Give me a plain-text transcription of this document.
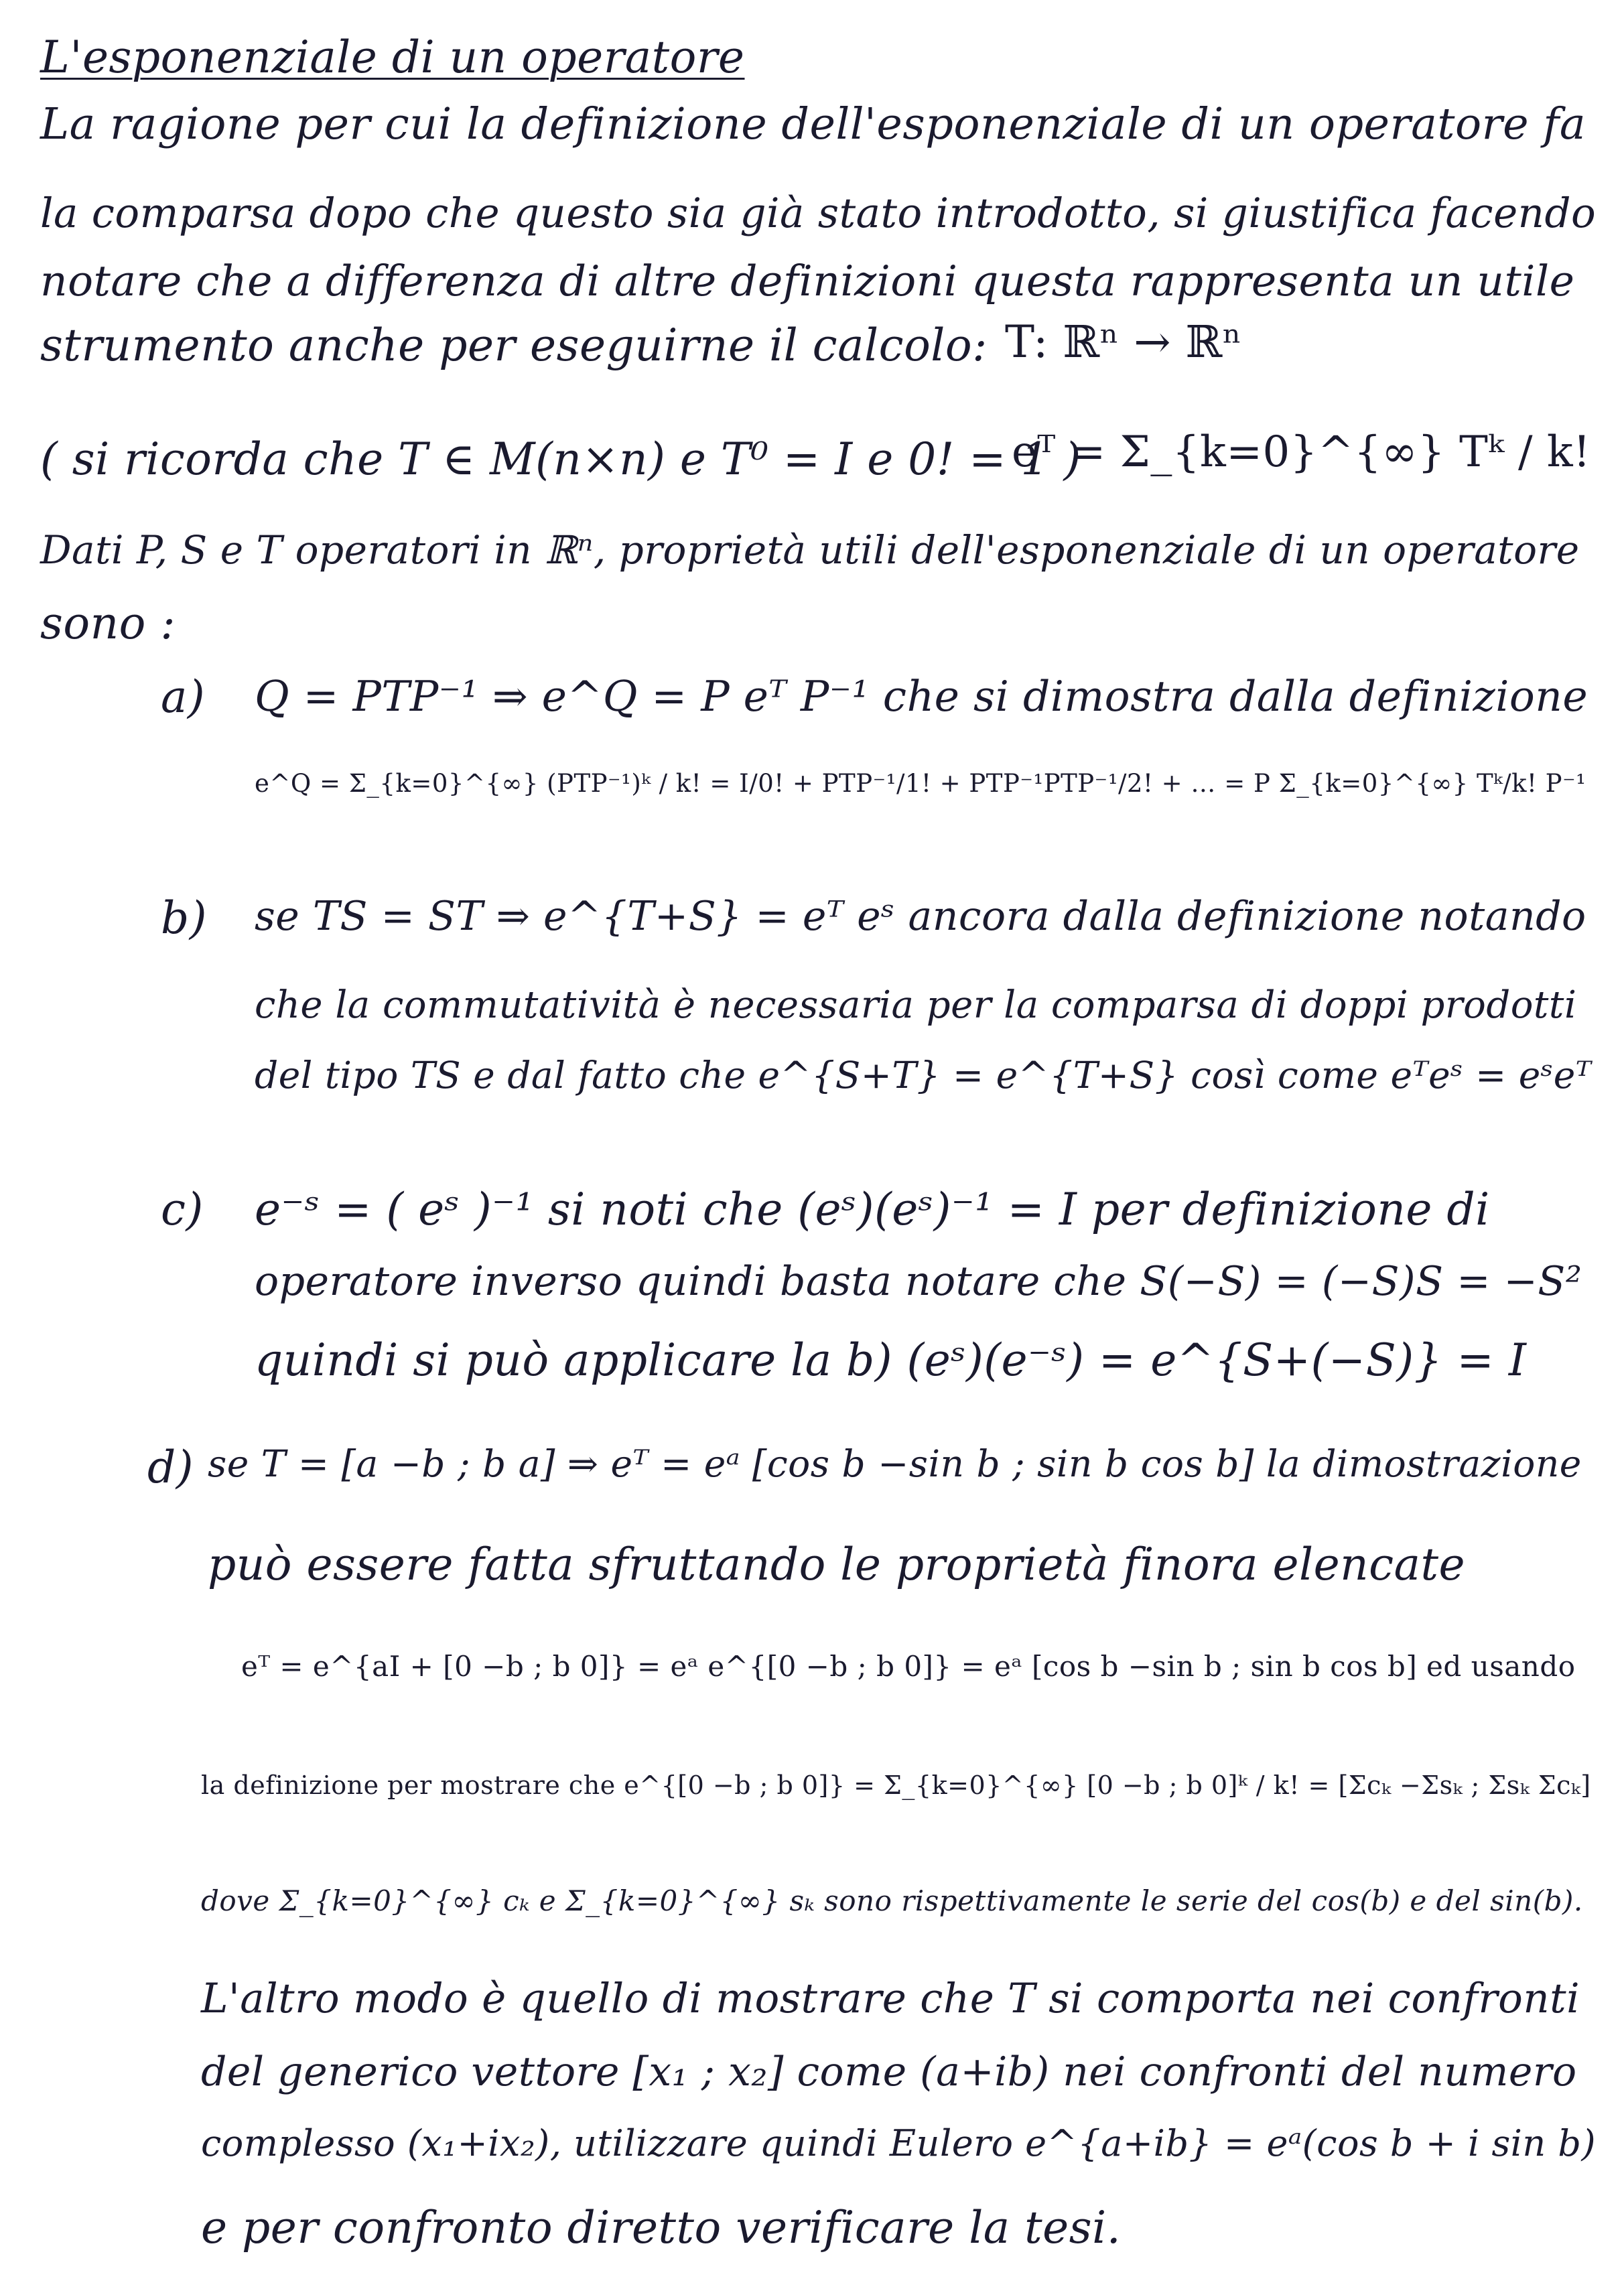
L'esponenziale di un operatore
La ragione per cui la definizione dell'esponenziale di un operatore fa
la comparsa dopo che questo sia già stato introdotto, si giustifica facendo
notare che a differenza di altre definizioni questa rappresenta un utile
strumento anche per eseguirne il calcolo: T: ℝⁿ → ℝⁿ
( si ricorda che T ∈ M(n×n) e T⁰ = I e 0! = 1 )
eᵀ = Σ_{k=0}^{∞} Tᵏ / k!
Dati P, S e T operatori in ℝⁿ, proprietà utili dell'esponenziale di un operatore
sono :
a) Q = PTP⁻¹ ⇒ e^Q = P eᵀ P⁻¹ che si dimostra dalla definizione
e^Q = Σ_{k=0}^{∞} (PTP⁻¹)ᵏ / k! = I/0! + PTP⁻¹/1! + PTP⁻¹PTP⁻¹/2! + … = P Σ_{k=0}^{∞} Tᵏ/k! P⁻¹
b) se TS = ST ⇒ e^{T+S} = eᵀ eˢ ancora dalla definizione notando
che la commutatività è necessaria per la comparsa di doppi prodotti
del tipo TS e dal fatto che e^{S+T} = e^{T+S} così come eᵀeˢ = eˢeᵀ
c) e⁻ˢ = ( eˢ )⁻¹ si noti che (eˢ)(eˢ)⁻¹ = I per definizione di
operatore inverso quindi basta notare che S(−S) = (−S)S = −S²
quindi si può applicare la b) (eˢ)(e⁻ˢ) = e^{S+(−S)} = I
d) se T = [a −b ; b a] ⇒ eᵀ = eᵃ [cos b −sin b ; sin b cos b] la dimostrazione
può essere fatta sfruttando le proprietà finora elencate
eᵀ = e^{aI + [0 −b ; b 0]} = eᵃ e^{[0 −b ; b 0]} = eᵃ [cos b −sin b ; sin b cos b] ed usando
la definizione per mostrare che e^{[0 −b ; b 0]} = Σ_{k=0}^{∞} [0 −b ; b 0]ᵏ / k! = [Σcₖ −Σsₖ ; Σsₖ Σcₖ]
dove Σ_{k=0}^{∞} cₖ e Σ_{k=0}^{∞} sₖ sono rispettivamente le serie del cos(b) e del sin(b).
L'altro modo è quello di mostrare che T si comporta nei confronti
del generico vettore [x₁ ; x₂] come (a+ib) nei confronti del numero
complesso (x₁+ix₂), utilizzare quindi Eulero e^{a+ib} = eᵃ(cos b + i sin b)
e per confronto diretto verificare la tesi.
